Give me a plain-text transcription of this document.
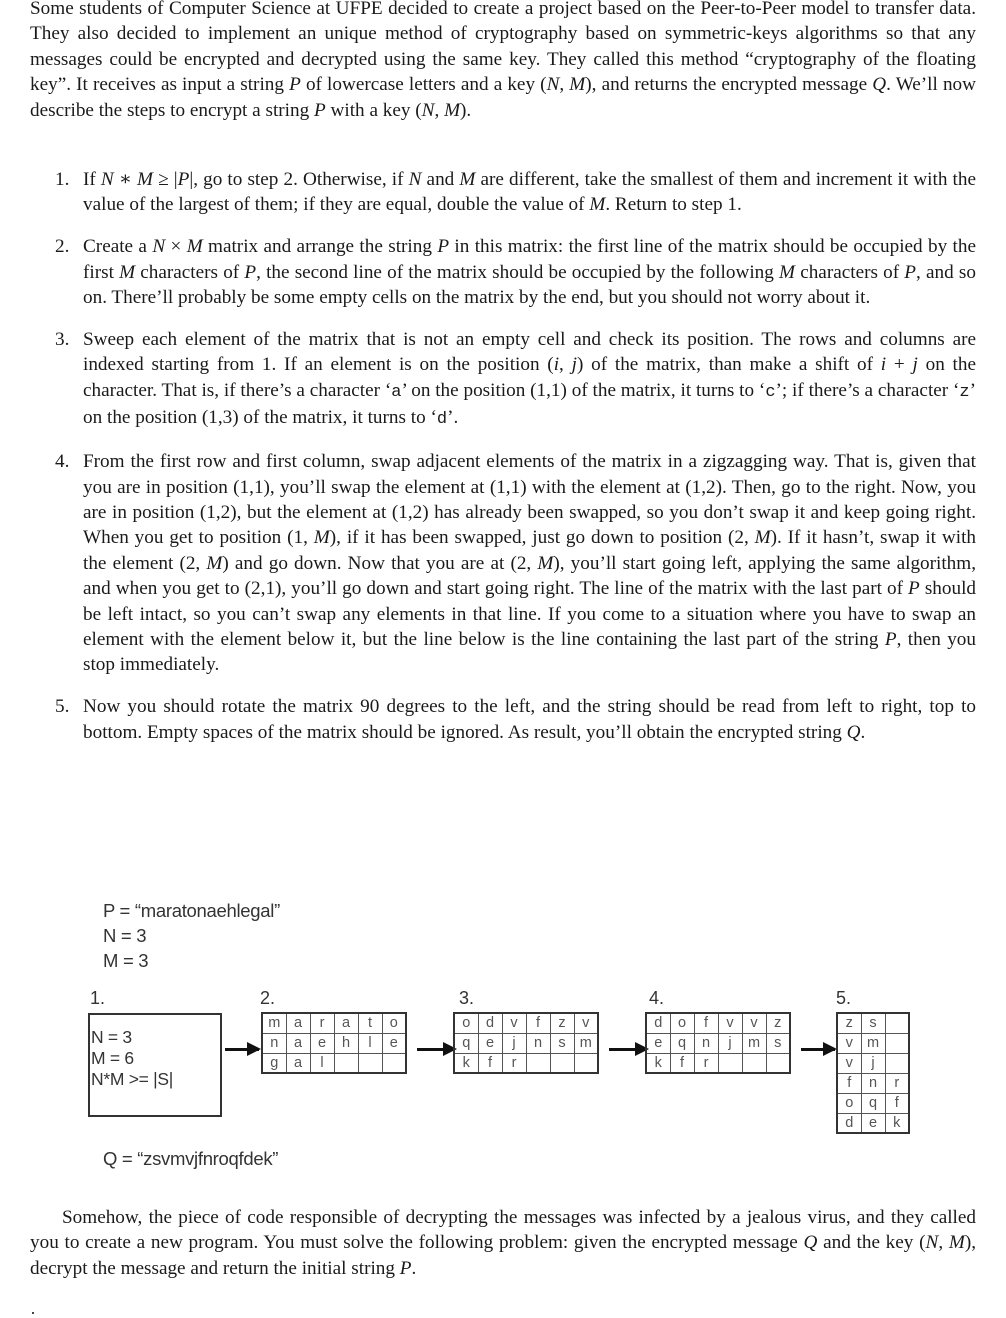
Some students of Computer Science at UFPE decided to create a project based on the Peer-to-Peer model to transfer data. They also decided to implement an unique method of cryptography based on symmetric-keys algorithms so that any messages could be encrypted and decrypted using the same key. They called this method “cryptography of the floating key”. It receives as input a string P of lowercase letters and a key (N, M), and returns the encrypted message Q. We’ll now describe the steps to encrypt a string P with a key (N, M).

1. If N ∗ M ≥ |P|, go to step 2. Otherwise, if N and M are different, take the smallest of them and increment it with the value of the largest of them; if they are equal, double the value of M. Return to step 1.
2. Create a N × M matrix and arrange the string P in this matrix: the first line of the matrix should be occupied by the first M characters of P, the second line of the matrix should be occupied by the following M characters of P, and so on. There’ll probably be some empty cells on the matrix by the end, but you should not worry about it.
3. Sweep each element of the matrix that is not an empty cell and check its position. The rows and columns are indexed starting from 1. If an element is on the position (i, j) of the matrix, than make a shift of i + j on the character. That is, if there’s a character ‘a’ on the position (1,1) of the matrix, it turns to ‘c’; if there’s a character ‘z’ on the position (1,3) of the matrix, it turns to ‘d’.
4. From the first row and first column, swap adjacent elements of the matrix in a zigzagging way. That is, given that you are in position (1,1), you’ll swap the element at (1,1) with the element at (1,2). Then, go to the right. Now, you are in position (1,2), but the element at (1,2) has already been swapped, so you don’t swap it and keep going right. When you get to position (1, M), if it has been swapped, just go down to position (2, M). If it hasn’t, swap it with the element (2, M) and go down. Now that you are at (2, M), you’ll start going left, applying the same algorithm, and when you get to (2,1), you’ll go down and start going right. The line of the matrix with the last part of P should be left intact, so you can’t swap any elements in that line. If you come to a situation where you have to swap an element with the element below it, but the line below is the line containing the last part of the string P, then you stop immediately.
5. Now you should rotate the matrix 90 degrees to the left, and the string should be read from left to right, top to bottom. Empty spaces of the matrix should be ignored. As result, you’ll obtain the encrypted string Q.

Somehow, the piece of code responsible of decrypting the messages was infected by a jealous virus, and they called you to create a new program. You must solve the following problem: given the encrypted message Q and the key (N, M), decrypt the message and return the initial string P.

P = “maratonaehlegal”
N = 3
M = 3
1.
N = 3
M = 6
N*M >= |S|
2.
m	a	r	a	t	o
n	a	e	h	l	e
g	a	l			
3.
o	d	v	f	z	v
q	e	j	n	s	m
k	f	r			
4.
d	o	f	v	v	z
e	q	n	j	m	s
k	f	r			
5.
z	s	
v	m	
v	j	
f	n	r
o	q	f
d	e	k
Q = “zsvmvjfnroqfdek”
